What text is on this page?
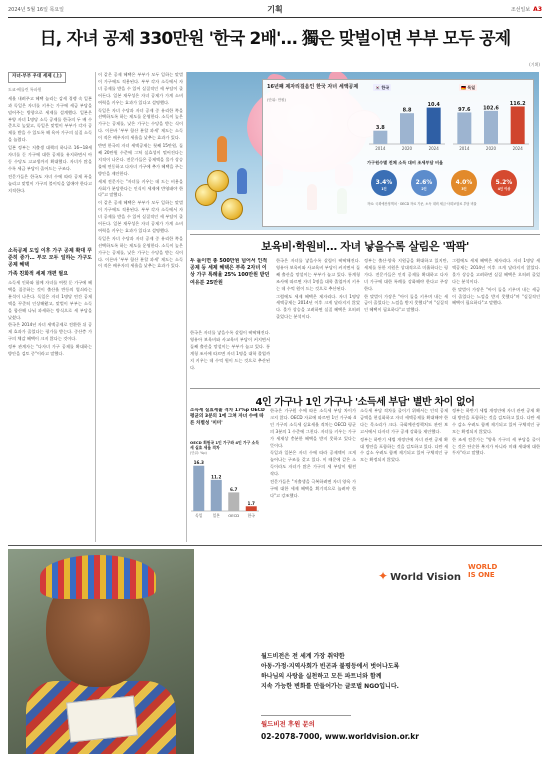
2024년 5월 16일 목요일	기획	조선일보 A3
日, 자녀 공제 330만원 '한국 2배'… 獨은 맞벌이면 부부 모두 공제
(기획)
자녀·부부 우대 세제 (上)
도쿄·베를린 특파원

세율 내려주고 혜택 늘리는 감세 경쟁 속 일본과 독일은 자녀를 키우는 가구에 세금 부담을 덜어주는 방향으로 세제를 설계했다. 일본은 부양 자녀 1명당 소득 공제를 한국의 두 배 수준으로 높였고, 독일은 맞벌이 부부가 각자 공제를 받을 수 있도록 해 육아 가구의 실질 소득을 늘렸다.

일본 정부는 저출생 대책의 하나로 16~18세 자녀를 둔 가구에 대한 공제를 유지하면서 아동 수당도 고교생까지 확대했다. 자녀가 많을수록 세금 부담이 줄어드는 구조다.

전문가들은 한국도 자녀 수에 따라 공제 폭을 늘리고 맞벌이 가구의 불이익을 없애야 한다고 지적한다.

소득공제 도입 이후 가구 공제 확대 꾸준히 증가… 부모 모두 일하는 가구도 공제 혜택
가족 친화적 세제 개편 필요

소득세 인하와 함께 자녀를 여럿 둔 가구에 혜택을 집중하는 것이 출산율 반등의 열쇠라는 분석이 나온다. 독일은 자녀 1명당 연간 공제액을 꾸준히 인상해왔고, 맞벌이 부부는 소득을 합산해 나눠 과세하는 방식으로 세 부담을 낮췄다.

한국은 2014년 자녀 세액공제로 전환한 뒤 공제 효과가 줄었다는 평가를 받는다. 중산층 가구의 체감 혜택이 크지 않다는 것이다.

정부 관계자는 "다자녀 가구 공제를 확대하는 방안을 검토 중"이라고 말했다.

이 같은 공제 혜택은 부부가 모두 일하는 맞벌이 가구에도 적용된다. 부부 각자 소득에서 자녀 공제를 받을 수 있어 실질적인 세 부담이 줄어든다. 일본 재무성은 자녀 공제가 가계 소비 여력을 키우는 효과가 있다고 설명했다.

독일은 자녀 수당과 자녀 공제 중 유리한 쪽을 선택하도록 하는 제도를 운영한다. 소득이 높은 가구는 공제를, 낮은 가구는 수당을 받는 식이다. 이른바 '부부 합산 분할 과세' 제도는 소득이 적은 배우자의 세율을 낮추는 효과가 있다.

반면 한국의 자녀 세액공제는 첫째 15만원, 둘째 20만원 수준에 그쳐 실효성이 떨어진다는 지적이 나온다. 전문가들은 공제액을 물가 상승률에 연동하고 다자녀 가구에 추가 혜택을 주는 방안을 제안한다.

세제 전문가는 "자녀를 키우는 데 드는 비용을 사회가 분담한다는 인식이 세제에 반영돼야 한다"고 말했다.

이 같은 공제 혜택은 부부가 모두 일하는 맞벌이 가구에도 적용된다. 부부 각자 소득에서 자녀 공제를 받을 수 있어 실질적인 세 부담이 줄어든다. 일본 재무성은 자녀 공제가 가계 소비 여력을 키우는 효과가 있다고 설명했다.

독일은 자녀 수당과 자녀 공제 중 유리한 쪽을 선택하도록 하는 제도를 운영한다. 소득이 높은 가구는 공제를, 낮은 가구는 수당을 받는 식이다. 이른바 '부부 합산 분할 과세' 제도는 소득이 적은 배우자의 세율을 낮추는 효과가 있다.

16년째 제자리걸음인 한국 자녀 세액공제
(단위: 만원)
🇰🇷 한국	🇩🇪 독일
3.8
2014
8.8
2020
10.4
2024
97.6
2014
102.6
2020
116.2
2024
가구원수별 전체 소득 대비 조세부담 비율
3.4%
1인
2.6%
2인
4.0%
3인
5.2%
4인 이상
자료: 국회예산정책처 · OECD 자료 기준, 소득 대비 세금·사회보험료 부담 비율
보육비·학원비… 자녀 낳을수록 살림은 '팍팍'
두 돌이면 총 500만원 넘어서 인적 공제 등 세제 혜택은 부족 2자녀 이상 가구 특례율 25% 100만원 받던 여유분 25만원

한국은 자녀를 낳을수록 살림이 팍팍해진다. 영유아 보육비와 사교육비 부담이 커지면서 둘째 출산을 망설이는 부부가 늘고 있다. 통계청 조사에 따르면 자녀 1명을 대학 졸업까지 키우는 데 수억 원이 드는 것으로 추산된다.

그럼에도 세제 혜택은 제자리다. 자녀 1명당 세액공제는 2014년 이후 크게 달라지지 않았다. 물가 상승을 고려하면 실질 혜택은 오히려 줄었다는 분석이다.

정부는 출산·양육 지원금을 확대하고 있지만, 세제를 통한 지원은 상대적으로 미흡하다는 평가다. 전문가들은 인적 공제를 확대하고 다자녀 가구에 대한 특례를 강화해야 한다고 주장한다.

한 맞벌이 가장은 "아이 둘을 키우며 내는 세금이 줄었다는 느낌을 받지 못했다"며 "실질적인 혜택이 필요하다"고 말했다.

그럼에도 세제 혜택은 제자리다. 자녀 1명당 세액공제는 2014년 이후 크게 달라지지 않았다. 물가 상승을 고려하면 실질 혜택은 오히려 줄었다는 분석이다.

한 맞벌이 가장은 "아이 둘을 키우며 내는 세금이 줄었다는 느낌을 받지 못했다"며 "실질적인 혜택이 필요하다"고 말했다.

한국은 자녀를 낳을수록 살림이 팍팍해진다. 영유아 보육비와 사교육비 부담이 커지면서 둘째 출산을 망설이는 부부가 늘고 있다. 통계청 조사에 따르면 자녀 1명을 대학 졸업까지 키우는 데 수억 원이 드는 것으로 추산된다.

4인 가구나 1인 가구나 '소득세 부담' 별반 차이 없어
소득세 실효세율 격차 17%p OECD 평균의 3분의 1에 그쳐 자녀 수에 따른 차별성 '미미'
OECD 회원국 1인 가구와 4인 가구 소득세 실효 세율 격차
(단위: %p)
16.3
독일
11.2
일본
6.7
OECD
1.7
한국

한국은 가구원 수에 따른 소득세 부담 차이가 크지 않다. OECD 자료에 따르면 1인 가구와 4인 가구의 소득세 실효세율 격차는 OECD 평균의 3분의 1 수준에 그친다. 자녀를 키우는 가구가 세제상 충분한 혜택을 받지 못하고 있다는 뜻이다.

독일과 일본은 자녀 수에 따라 공제액이 크게 늘어나는 구조를 갖고 있다. 이 때문에 같은 소득이라도 자녀가 많은 가구의 세 부담이 훨씬 작다.

전문가들은 "저출생을 극복하려면 자녀 양육 가구에 대한 세제 혜택을 획기적으로 늘려야 한다"고 강조했다.

소득세 부담 격차를 줄이기 위해서는 인적 공제 금액을 현실화하고 자녀 세액공제를 확대해야 한다는 목소리가 크다. 국회예산정책처도 관련 보고서에서 다자녀 가구 공제 강화를 제안했다.

정부는 하반기 세법 개정안에 자녀 관련 공제 확대 방안을 포함하는 것을 검토하고 있다. 다만 세수 감소 우려도 함께 제기되고 있어 구체적인 규모는 확정되지 않았다.

정부는 하반기 세법 개정안에 자녀 관련 공제 확대 방안을 포함하는 것을 검토하고 있다. 다만 세수 감소 우려도 함께 제기되고 있어 구체적인 규모는 확정되지 않았다.

한 조세 전문가는 "양육 가구의 세 부담을 줄이는 것은 단순한 복지가 아니라 미래 세대에 대한 투자"라고 말했다.

✦ World Vision
WORLD
IS ONE
월드비전은 전 세계 가장 취약한
아동·가정·지역사회가 빈곤과 불평등에서 벗어나도록
하나님의 사랑을 실천하고 모든 파트너와 함께
지속 가능한 변화를 만들어가는 글로벌 NGO입니다.
월드비전 후원 문의
02-2078-7000, www.worldvision.or.kr
